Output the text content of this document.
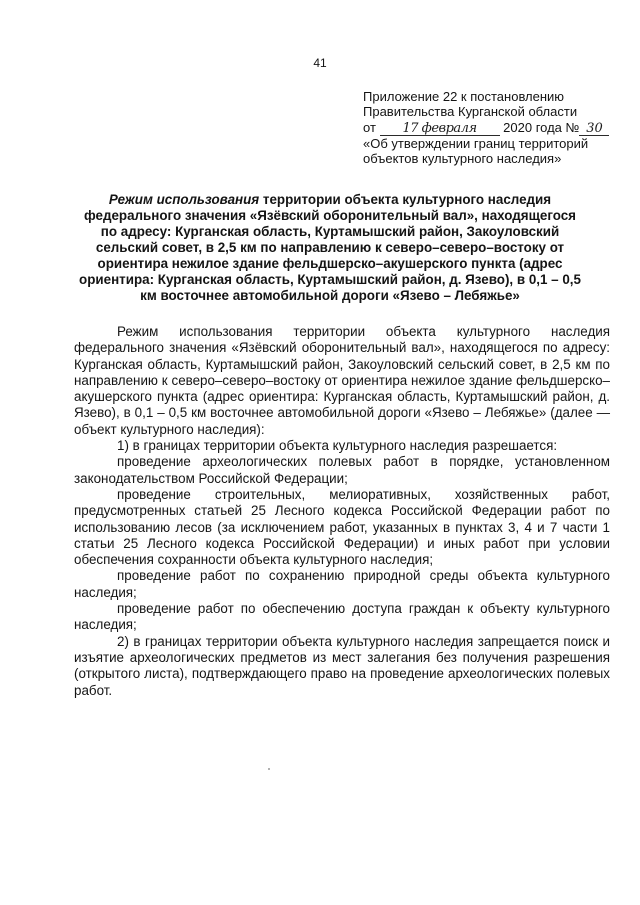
41
Приложение 22 к постановлению
Правительства Курганской области
от 17 февраля 2020 года № 30
«Об утверждении границ территорий
объектов культурного наследия»
Режим использования территории объекта культурного наследия
федерального значения «Язёвский оборонительный вал», находящегося
по адресу: Курганская область, Куртамышский район, Закоуловский
сельский совет, в 2,5 км по направлению к северо–северо–востоку от
ориентира нежилое здание фельдшерско–акушерского пункта (адрес
ориентира: Курганская область, Куртамышский район, д. Язево), в 0,1 – 0,5
км восточнее автомобильной дороги «Язево – Лебяжье»

Режим использования территории объекта культурного наследия федерального значения «Язёвский оборонительный вал», находящегося по адресу: Курганская область, Куртамышский район, Закоуловский сельский совет, в 2,5 км по направлению к северо–северо–востоку от ориентира нежилое здание фельдшерско–акушерского пункта (адрес ориентира: Курганская область, Куртамышский район, д. Язево), в 0,1 – 0,5 км восточнее автомобильной дороги «Язево – Лебяжье» (далее — объект культурного наследия):

1) в границах территории объекта культурного наследия разрешается:

проведение археологических полевых работ в порядке, установленном законодательством Российской Федерации;

проведение строительных, мелиоративных, хозяйственных работ, предусмотренных статьей 25 Лесного кодекса Российской Федерации работ по использованию лесов (за исключением работ, указанных в пунктах 3, 4 и 7 части 1 статьи 25 Лесного кодекса Российской Федерации) и иных работ при условии обеспечения сохранности объекта культурного наследия;

проведение работ по сохранению природной среды объекта культурного наследия;

проведение работ по обеспечению доступа граждан к объекту культурного наследия;

2) в границах территории объекта культурного наследия запрещается поиск и изъятие археологических предметов из мест залегания без получения разрешения (открытого листа), подтверждающего право на проведение археологических полевых работ.
